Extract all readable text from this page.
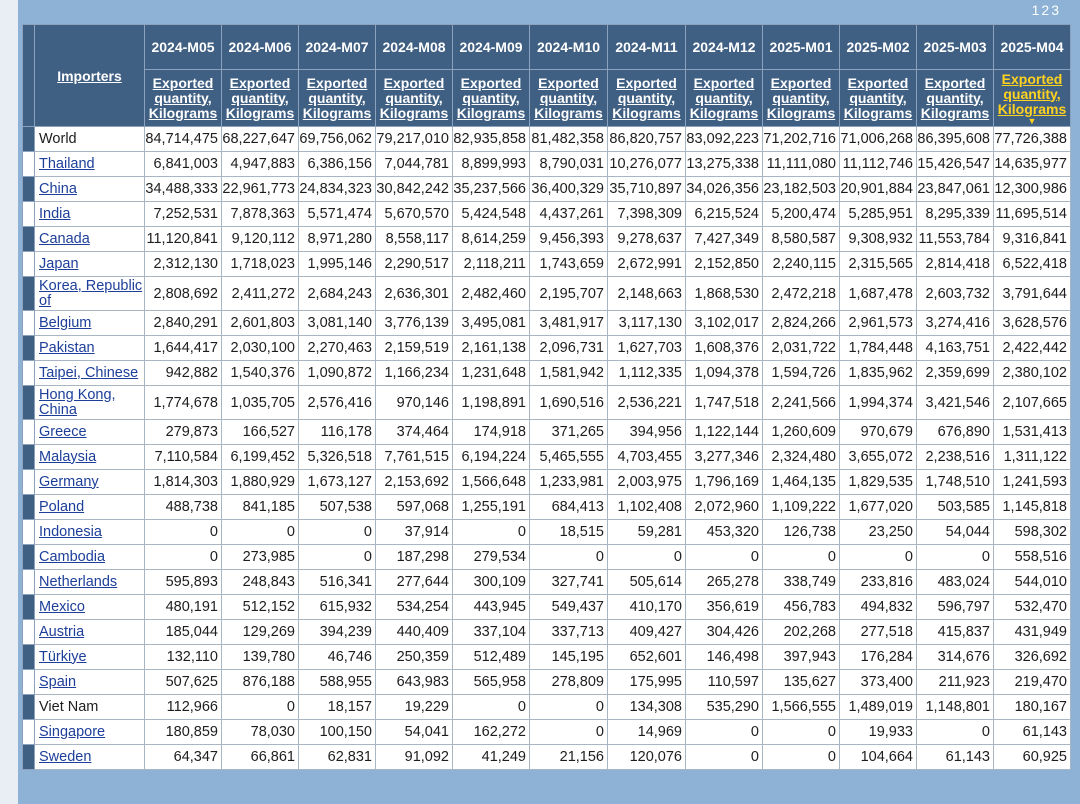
123
	Importers	2024-M05	2024-M06	2024-M07	2024-M08	2024-M09	2024-M10	2024-M11	2024-M12	2025-M01	2025-M02	2025-M03	2025-M04

		Exported quantity, Kilograms	Exported quantity, Kilograms	Exported quantity, Kilograms	Exported quantity, Kilograms	Exported quantity, Kilograms	Exported quantity, Kilograms	Exported quantity, Kilograms	Exported quantity, Kilograms	Exported quantity, Kilograms	Exported quantity, Kilograms	Exported quantity, Kilograms	Exported quantity, Kilograms
▼

	World	84,714,475	68,227,647	69,756,062	79,217,010	82,935,858	81,482,358	86,820,757	83,092,223	71,202,716	71,006,268	86,395,608	77,726,388
	Thailand	6,841,003	4,947,883	6,386,156	7,044,781	8,899,993	8,790,031	10,276,077	13,275,338	11,111,080	11,112,746	15,426,547	14,635,977
	China	34,488,333	22,961,773	24,834,323	30,842,242	35,237,566	36,400,329	35,710,897	34,026,356	23,182,503	20,901,884	23,847,061	12,300,986
	India	7,252,531	7,878,363	5,571,474	5,670,570	5,424,548	4,437,261	7,398,309	6,215,524	5,200,474	5,285,951	8,295,339	11,695,514
	Canada	11,120,841	9,120,112	8,971,280	8,558,117	8,614,259	9,456,393	9,278,637	7,427,349	8,580,587	9,308,932	11,553,784	9,316,841
	Japan	2,312,130	1,718,023	1,995,146	2,290,517	2,118,211	1,743,659	2,672,991	2,152,850	2,240,115	2,315,565	2,814,418	6,522,418
	Korea, Republic of	2,808,692	2,411,272	2,684,243	2,636,301	2,482,460	2,195,707	2,148,663	1,868,530	2,472,218	1,687,478	2,603,732	3,791,644
	Belgium	2,840,291	2,601,803	3,081,140	3,776,139	3,495,081	3,481,917	3,117,130	3,102,017	2,824,266	2,961,573	3,274,416	3,628,576
	Pakistan	1,644,417	2,030,100	2,270,463	2,159,519	2,161,138	2,096,731	1,627,703	1,608,376	2,031,722	1,784,448	4,163,751	2,422,442
	Taipei, Chinese	942,882	1,540,376	1,090,872	1,166,234	1,231,648	1,581,942	1,112,335	1,094,378	1,594,726	1,835,962	2,359,699	2,380,102
	Hong Kong, China	1,774,678	1,035,705	2,576,416	970,146	1,198,891	1,690,516	2,536,221	1,747,518	2,241,566	1,994,374	3,421,546	2,107,665
	Greece	279,873	166,527	116,178	374,464	174,918	371,265	394,956	1,122,144	1,260,609	970,679	676,890	1,531,413
	Malaysia	7,110,584	6,199,452	5,326,518	7,761,515	6,194,224	5,465,555	4,703,455	3,277,346	2,324,480	3,655,072	2,238,516	1,311,122
	Germany	1,814,303	1,880,929	1,673,127	2,153,692	1,566,648	1,233,981	2,003,975	1,796,169	1,464,135	1,829,535	1,748,510	1,241,593
	Poland	488,738	841,185	507,538	597,068	1,255,191	684,413	1,102,408	2,072,960	1,109,222	1,677,020	503,585	1,145,818
	Indonesia	0	0	0	37,914	0	18,515	59,281	453,320	126,738	23,250	54,044	598,302
	Cambodia	0	273,985	0	187,298	279,534	0	0	0	0	0	0	558,516
	Netherlands	595,893	248,843	516,341	277,644	300,109	327,741	505,614	265,278	338,749	233,816	483,024	544,010
	Mexico	480,191	512,152	615,932	534,254	443,945	549,437	410,170	356,619	456,783	494,832	596,797	532,470
	Austria	185,044	129,269	394,239	440,409	337,104	337,713	409,427	304,426	202,268	277,518	415,837	431,949
	Türkiye	132,110	139,780	46,746	250,359	512,489	145,195	652,601	146,498	397,943	176,284	314,676	326,692
	Spain	507,625	876,188	588,955	643,983	565,958	278,809	175,995	110,597	135,627	373,400	211,923	219,470
	Viet Nam	112,966	0	18,157	19,229	0	0	134,308	535,290	1,566,555	1,489,019	1,148,801	180,167
	Singapore	180,859	78,030	100,150	54,041	162,272	0	14,969	0	0	19,933	0	61,143
	Sweden	64,347	66,861	62,831	91,092	41,249	21,156	120,076	0	0	104,664	61,143	60,925
